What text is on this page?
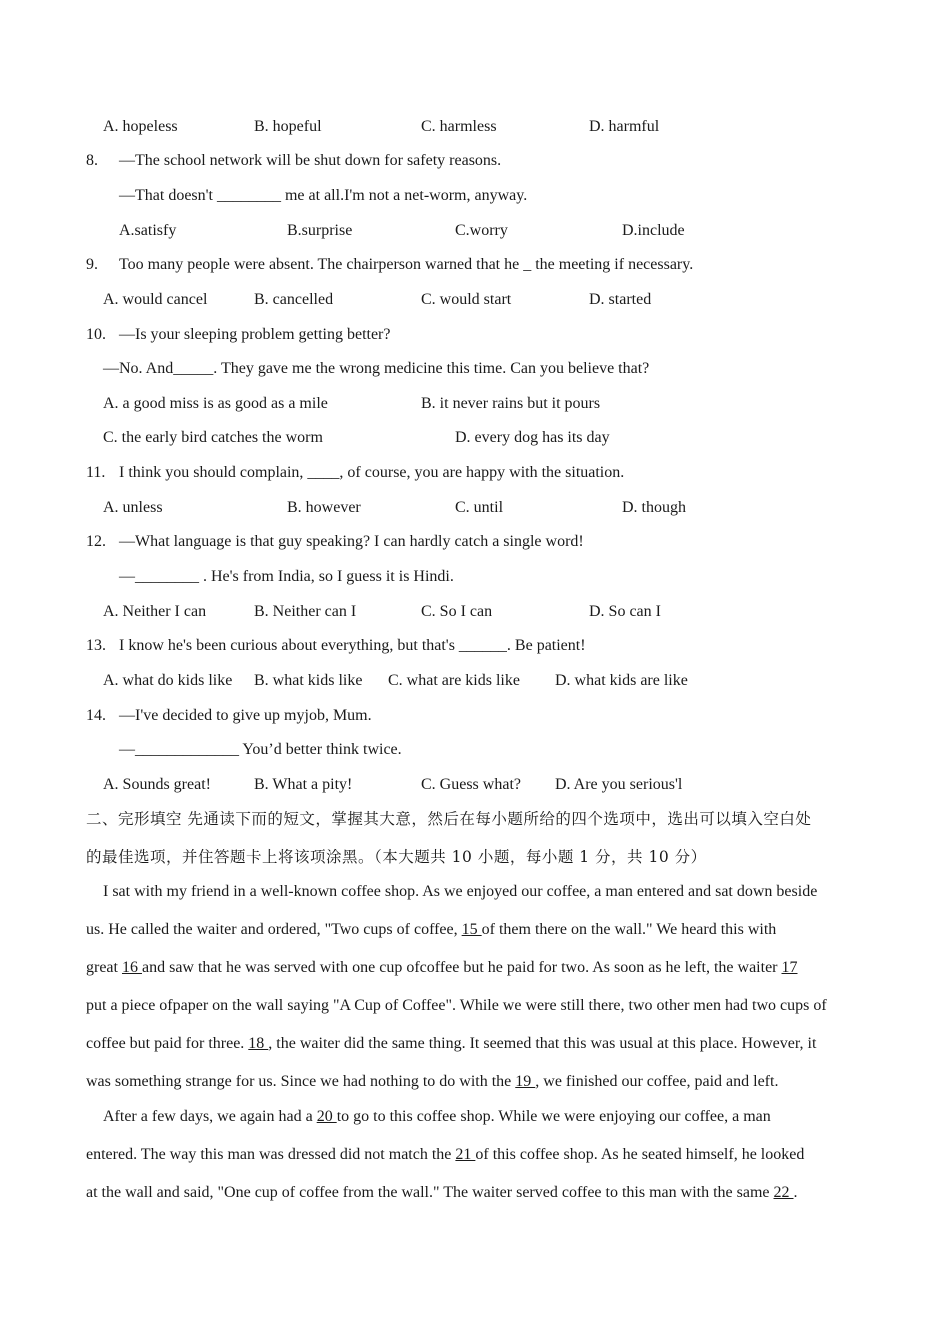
A. hopeless	B. hopeful	C. harmless	D. harmful
8. —The school network will be shut down for safety reasons.
—That doesn't ________ me at all.I'm not a net-worm, anyway.
A.satisfy	B.surprise	C.worry	D.include
9. Too many people were absent. The chairperson warned that he _ the meeting if necessary.
A. would cancel	B. cancelled	C. would start	D. started
10. —Is your sleeping problem getting better?
—No. And_____. They gave me the wrong medicine this time. Can you believe that?
A. a good miss is as good as a mile	B. it never rains but it pours
C. the early bird catches the worm	D. every dog has its day
11. I think you should complain, ____, of course, you are happy with the situation.
A. unless	B. however	C. until	D. though
12. —What language is that guy speaking? I can hardly catch a single word!
—________ . He's from India, so I guess it is Hindi.
A. Neither I can	B. Neither can I	C. So I can	D. So can I
13. I know he's been curious about everything, but that's ______. Be patient!
A. what do kids like B. what kids like C. what are kids like D. what kids are like
14. —I've decided to give up myjob, Mum.
—_____________ You’d better think twice.
A. Sounds great!	B. What a pity!	C. Guess what? D. Are you serious'l
二、完形填空 先通读下而的短文，掌握其大意，然后在每小题所给的四个选项中，选出可以填入空白处
的最佳选项，并住答题卡上将该项涂黑。（本大题共 10 小题，每小题 1 分，共 10 分）
I sat with my friend in a well-known coffee shop. As we enjoyed our coffee, a man entered and sat down beside
us. He called the waiter and ordered, "Two cups of coffee, 15 of them there on the wall." We heard this with
great 16 and saw that he was served with one cup ofcoffee but he paid for two. As soon as he left, the waiter 17
put a piece ofpaper on the wall saying "A Cup of Coffee". While we were still there, two other men had two cups of
coffee but paid for three. 18 , the waiter did the same thing. It seemed that this was usual at this place. However, it
was something strange for us. Since we had nothing to do with the 19 , we finished our coffee, paid and left.
After a few days, we again had a 20 to go to this coffee shop. While we were enjoying our coffee, a man
entered. The way this man was dressed did not match the 21 of this coffee shop. As he seated himself, he looked
at the wall and said, "One cup of coffee from the wall." The waiter served coffee to this man with the same 22 .
